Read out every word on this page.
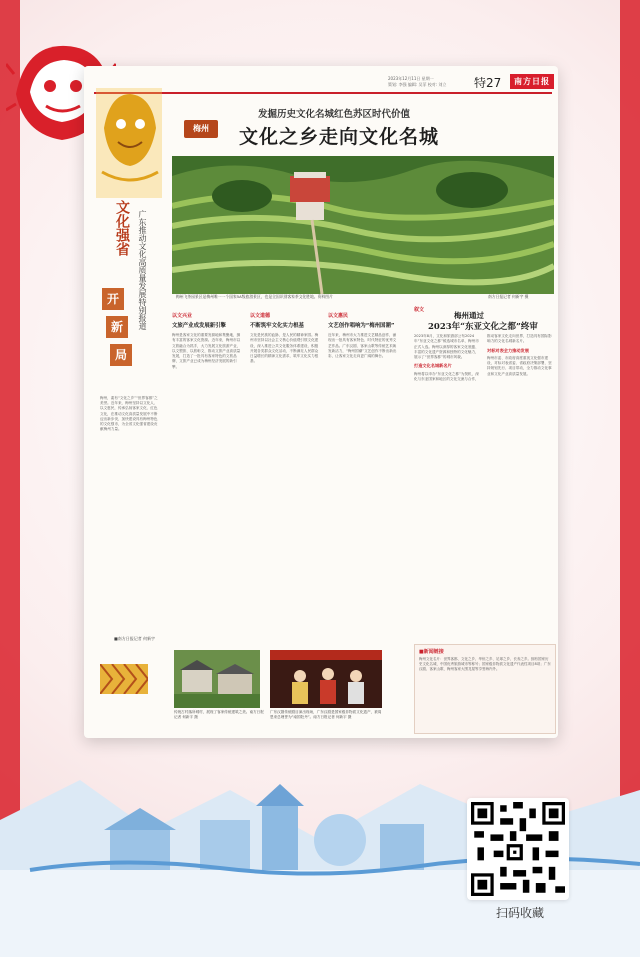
2023年12月11日 星期一
策划: 李强 编辑: 吴菲 校对: 刘立 特27	南方日报
文化强省
开
新
局
广东推动文化高质量发展特别报道
梅州，素有“文化之乡”“世界客都”之美誉。近年来，梅州坚持以文化人、以文惠民，传承弘扬客家文化、红色文化，在推动文化高质量发展中不断迈出新步伐，加快建设具有梅州特色的文化强市，为全省文化强省建设贡献梅州力量。
■南方日报记者 何新宇
梅州
发掘历史文化名城红色苏区时代价值
文化之乡走向文化名城
梅州飞茶园景区是梅州唯一一个国家5A级旅游景区，也是全国识别客家茶文化胜地。资料图片	南方日报记者 何新宇 摄
以文兴业
文旅产业成发展新引擎
梅州是客家文化的重要发源地和集聚地，拥有丰富的客家文化资源。近年来，梅州市以文旅融合为抓手，大力发展文化旅游产业，以文塑旅、以旅彰文，推动文旅产业高质量发展，打造了一批具有客家特色的文旅品牌，文旅产业已成为梅州经济发展的新引擎。
以文道德
不断筑牢文化实力根基
文化是民族的血脉，是人民的精神家园。梅州市坚持以社会主义核心价值观引领文化建设，深入推进公共文化服务体系建设，积极开展各类群众文化活动，不断满足人民群众日益增长的精神文化需求，筑牢文化实力根基。
以文惠民
文艺创作唱响为“梅州国潮”
近年来，梅州市大力推进文艺精品创作，涌现出一批具有客家特色、时代特征的优秀文艺作品。广东汉剧、客家山歌等传统艺术焕发新活力，“梅州国潮”文艺创作不断出新出彩，让客家文化走向更广阔的舞台。
传统古村落所城村，展现了客家传统建筑之美。南方日报记者 何新宇 摄
广东汉剧传统剧目演出现场，广东汉剧是国家级非物质文化遗产，被周恩来总理誉为“南国牡丹”。南方日报记者 何新宇 摄
叙文
梅州通过
2023年“东亚文化之都”终审
2023年8月，文化和旅游部公布2024年“东亚文化之都”候选城市名单，梅州市正式入选。梅州以深厚的客家文化底蕴、丰富的文化遗产资源和独特的文化魅力，展示了“世界客都”的城市风貌。
打造文化名城新名片
梅州将以申办“东亚文化之都”为契机，深化与东亚国家和地区的文化交流与合作，推动客家文化走向世界，打造具有国际影响力的文化名城新名片。
对标对表全力推动发展
梅州市委、市政府高度重视文化强市建设，对标对表省委、省政府决策部署，坚持规划先行、项目带动，全力推动文化事业和文化产业高质量发展。
■新闻链接
梅州文化名片：世界客都、文化之乡、华侨之乡、足球之乡、长寿之乡。拥有国家历史文化名城、中国优秀旅游城市等称号；国家级非物质文化遗产代表性项目8项；广东汉剧、客家山歌、梅州客家大围龙屋等享誉海内外。
扫码收藏
